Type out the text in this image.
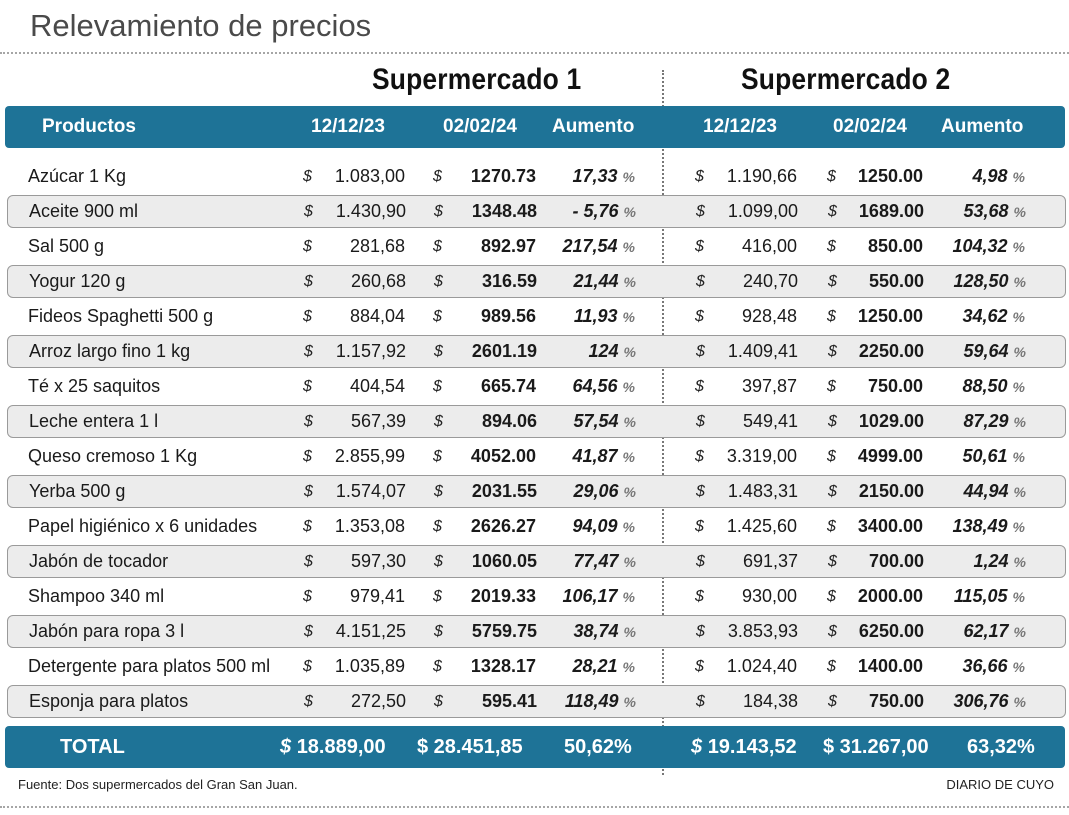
Relevamiento de precios
Supermercado 1	Supermercado 2
Productos	12/12/23	02/02/24 Aumento	12/12/23	02/02/24 Aumento
Azúcar 1 Kg	$	1.083,00 $	1270.73	17,33 %	$	1.190,66 $	1250.00	4,98 %
Aceite 900 ml	$	1.430,90 $	1348.48	- 5,76 %	$	1.099,00 $	1689.00	53,68 %
Sal 500 g	$	281,68 $	892.97	217,54 %	$	416,00 $	850.00	104,32 %
Yogur 120 g	$	260,68 $	316.59	21,44 %	$	240,70 $	550.00	128,50 %
Fideos Spaghetti 500 g	$	884,04 $	989.56	11,93 %	$	928,48 $	1250.00	34,62 %
Arroz largo fino 1 kg	$	1.157,92 $	2601.19	124 %	$	1.409,41 $	2250.00	59,64 %
Té x 25 saquitos	$	404,54 $	665.74	64,56 %	$	397,87 $	750.00	88,50 %
Leche entera 1 l	$	567,39 $	894.06	57,54 %	$	549,41 $	1029.00	87,29 %
Queso cremoso 1 Kg	$	2.855,99 $	4052.00	41,87 %	$	3.319,00 $	4999.00	50,61 %
Yerba 500 g	$	1.574,07 $	2031.55	29,06 %	$	1.483,31 $	2150.00	44,94 %
Papel higiénico x 6 unidades	$	1.353,08 $	2626.27	94,09 %	$	1.425,60 $	3400.00	138,49 %
Jabón de tocador	$	597,30 $	1060.05	77,47 %	$	691,37 $	700.00	1,24 %
Shampoo 340 ml	$	979,41 $	2019.33	106,17 %	$	930,00 $	2000.00	115,05 %
Jabón para ropa 3 l	$	4.151,25 $	5759.75	38,74 %	$	3.853,93 $	6250.00	62,17 %
Detergente para platos 500 ml $	1.035,89 $	1328.17	28,21 %	$	1.024,40 $	1400.00	36,66 %
Esponja para platos	$	272,50 $	595.41	118,49 %	$	184,38 $	750.00	306,76 %
TOTAL	$ 18.889,00 $ 28.451,85 50,62%	$ 19.143,52 $ 31.267,00 63,32%
Fuente: Dos supermercados del Gran San Juan.	DIARIO DE CUYO
